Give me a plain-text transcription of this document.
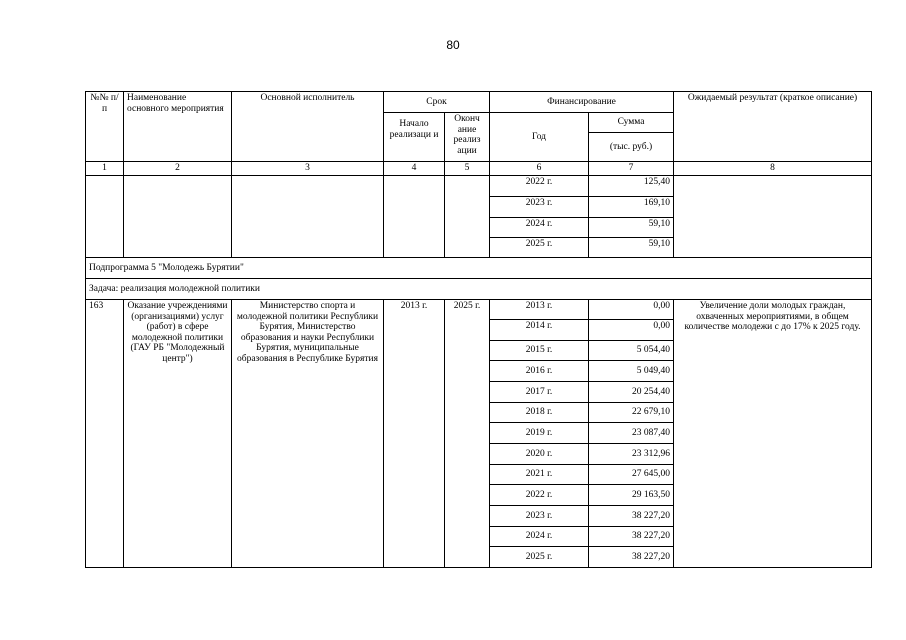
80
№№ п/п	Наименование основного мероприятия	Основной исполнитель	Срок		Финансирование		Ожидаемый результат (краткое описание)
			Начало реализаци и	Оконч ание реализ ации	Год	Сумма	
						(тыс. руб.)	
1	2	3	4	5	6	7	8
					2022 г.	125,40	
					2023 г.	169,10	
					2024 г.	59,10	
					2025 г.	59,10	
Подпрограмма 5 "Молодежь Бурятии"							
Задача: реализация молодежной политики							
163	Оказание учреждениями (организациями) услуг (работ) в сфере молодежной политики (ГАУ РБ "Молодежный центр")	Министерство спорта и молодежной политики Республики Бурятия, Министерство образования и науки Республики Бурятия, муниципальные образования в Республике Бурятия	2013 г.	2025 г.	2013 г.	0,00	Увеличение доли молодых граждан, охваченных мероприятиями, в общем количестве молодежи с до 17% к 2025 году.
					2014 г.	0,00	
					2015 г.	5 054,40	
					2016 г.	5 049,40	
					2017 г.	20 254,40	
					2018 г.	22 679,10	
					2019 г.	23 087,40	
					2020 г.	23 312,96	
					2021 г.	27 645,00	
					2022 г.	29 163,50	
					2023 г.	38 227,20	
					2024 г.	38 227,20	
					2025 г.	38 227,20	
